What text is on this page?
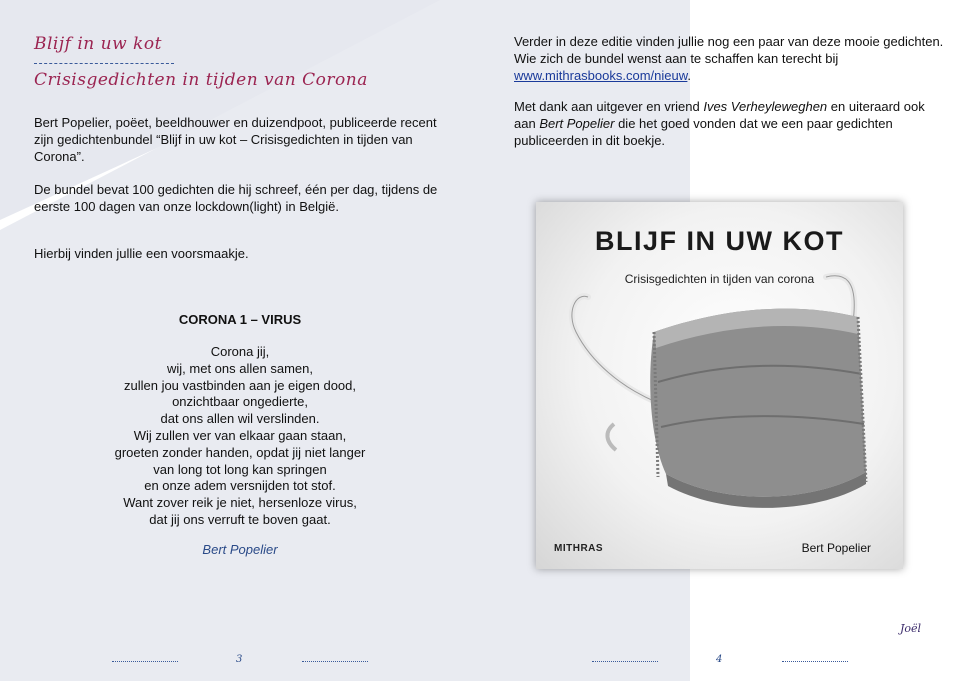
Blijf in uw kot
Crisisgedichten in tijden van Corona

Bert Popelier, poëet, beeldhouwer en duizendpoot, publiceerde recent zijn gedichtenbundel “Blijf in uw kot – Crisisgedichten in tijden van Corona”.

De bundel bevat 100 gedichten die hij schreef, één per dag, tijdens de eerste 100 dagen van onze lockdown(light) in België.

Hierbij vinden jullie een voorsmaakje.

CORONA 1 – VIRUS
Corona jij,
wij, met ons allen samen,
zullen jou vastbinden aan je eigen dood,
onzichtbaar ongedierte,
dat ons allen wil verslinden.
Wij zullen ver van elkaar gaan staan,
groeten zonder handen, opdat jij niet langer
van long tot long kan springen
en onze adem versnijden tot stof.
Want zover reik je niet, hersenloze virus,
dat jij ons verruft te boven gaat.
Bert Popelier
3

Verder in deze editie vinden jullie nog een paar van deze mooie gedichten. Wie zich de bundel wenst aan te schaffen kan terecht bij www.mithrasbooks.com/nieuw.

Met dank aan uitgever en vriend Ives Verheyleweghen en uiteraard ook aan Bert Popelier die het goed vonden dat we een paar gedichten publiceerden in dit boekje.

4
BLIJF IN UW KOT
Crisisgedichten in tijden van corona
MITHRAS	Bert Popelier
Joël
